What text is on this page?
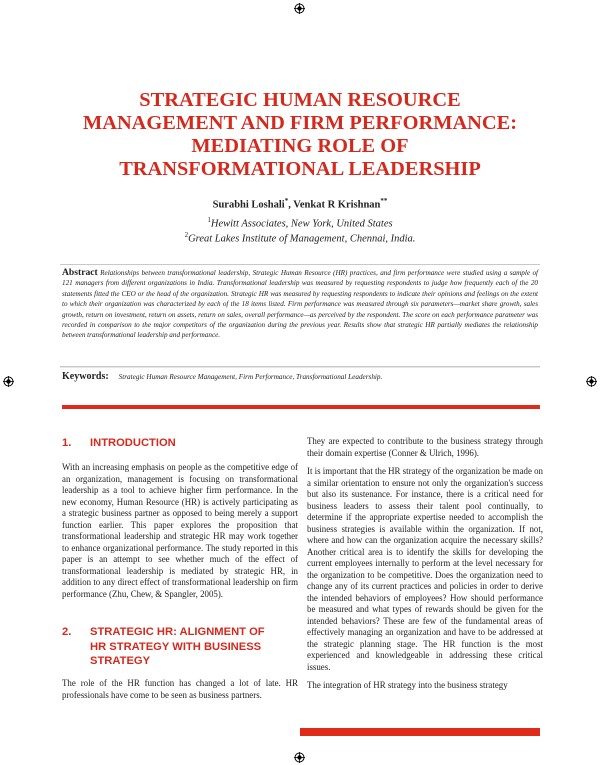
STRATEGIC HUMAN RESOURCE
MANAGEMENT AND FIRM PERFORMANCE:
MEDIATING ROLE OF
TRANSFORMATIONAL LEADERSHIP
Surabhi Loshali*, Venkat R Krishnan**
$^1$Hewitt Associates, New York, United States
$^2$Great Lakes Institute of Management, Chennai, India.

Abstract Relationships between transformational leadership, Strategic Human Resource (HR) practices, and firm performance were studied using a sample of 121 managers from different organizations in India. Transformational leadership was measured by requesting respondents to judge how frequently each of the 20 statements fitted the CEO or the head of the organization. Strategic HR was measured by requesting respondents to indicate their opinions and feelings on the extent to which their organization was characterized by each of the 18 items listed. Firm performance was measured through six parameters—market share growth, sales growth, return on investment, return on assets, return on sales, overall performance—as perceived by the respondent. The score on each performance parameter was recorded in comparison to the major competitors of the organization during the previous year. Results show that strategic HR partially mediates the relationship between transformational leadership and performance.

Keywords: Strategic Human Resource Management, Firm Performance, Transformational Leadership.
1. INTRODUCTION

With an increasing emphasis on people as the competitive edge of an organization, management is focusing on transformational leadership as a tool to achieve higher firm performance. In the new economy, Human Resource (HR) is actively participating as a strategic business partner as opposed to being merely a support function earlier. This paper explores the proposition that transformational leadership and strategic HR may work together to enhance organizational performance. The study reported in this paper is an attempt to see whether much of the effect of transformational leadership is mediated by strategic HR, in addition to any direct effect of transformational leadership on firm performance (Zhu, Chew, & Spangler, 2005).

2. STRATEGIC HR: ALIGNMENT OF
HR STRATEGY WITH BUSINESS
STRATEGY

The role of the HR function has changed a lot of late. HR professionals have come to be seen as business partners.

They are expected to contribute to the business strategy through their domain expertise (Conner & Ulrich, 1996).

It is important that the HR strategy of the organization be made on a similar orientation to ensure not only the organization's success but also its sustenance. For instance, there is a critical need for business leaders to assess their talent pool continually, to determine if the appropriate expertise needed to accomplish the business strategies is available within the organization. If not, where and how can the organization acquire the necessary skills? Another critical area is to identify the skills for developing the current employees internally to perform at the level necessary for the organization to be competitive. Does the organization need to change any of its current practices and policies in order to derive the intended behaviors of employees? How should performance be measured and what types of rewards should be given for the intended behaviors? These are few of the fundamental areas of effectively managing an organization and have to be addressed at the strategic planning stage. The HR function is the most experienced and knowledgeable in addressing these critical issues.

The integration of HR strategy into the business strategy
